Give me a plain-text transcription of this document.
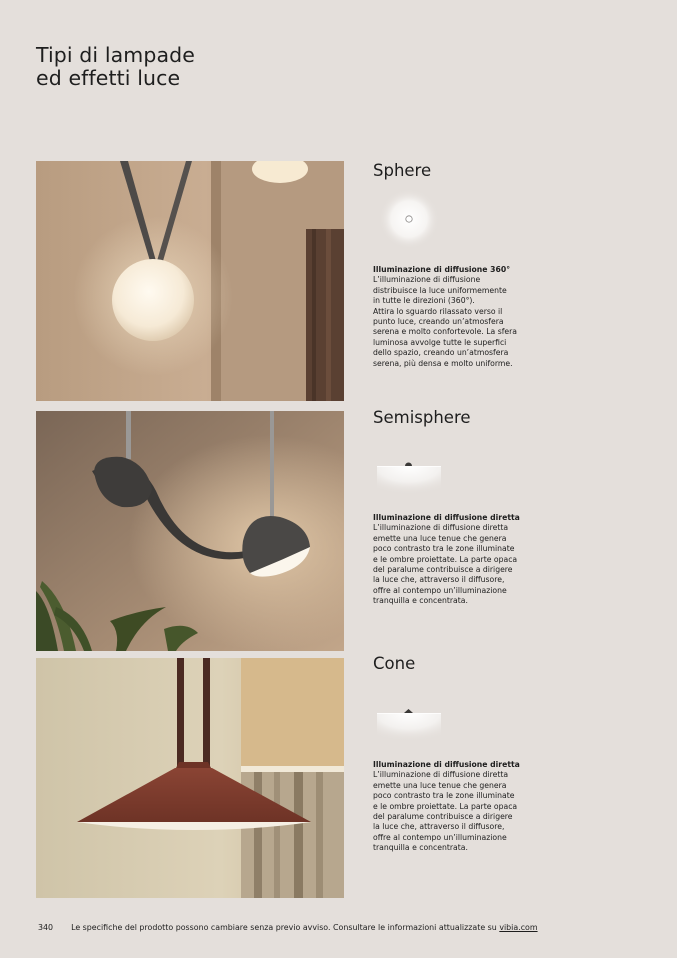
Tipi di lampade
ed effetti luce
Sphere
Illuminazione di diffusione 360°
L’illuminazione di diffusione
distribuisce la luce uniformemente
in tutte le direzioni (360°).
Attira lo sguardo rilassato verso il
punto luce, creando un’atmosfera
serena e molto confortevole. La sfera
luminosa avvolge tutte le superfici
dello spazio, creando un’atmosfera
serena, più densa e molto uniforme.
Semisphere
Illuminazione di diffusione diretta
L’illuminazione di diffusione diretta
emette una luce tenue che genera
poco contrasto tra le zone illuminate
e le ombre proiettate. La parte opaca
del paralume contribuisce a dirigere
la luce che, attraverso il diffusore,
offre al contempo un’illuminazione
tranquilla e concentrata.
Cone
Illuminazione di diffusione diretta
L’illuminazione di diffusione diretta
emette una luce tenue che genera
poco contrasto tra le zone illuminate
e le ombre proiettate. La parte opaca
del paralume contribuisce a dirigere
la luce che, attraverso il diffusore,
offre al contempo un’illuminazione
tranquilla e concentrata.
340 Le specifiche del prodotto possono cambiare senza previo avviso. Consultare le informazioni attualizzate su vibia.com
